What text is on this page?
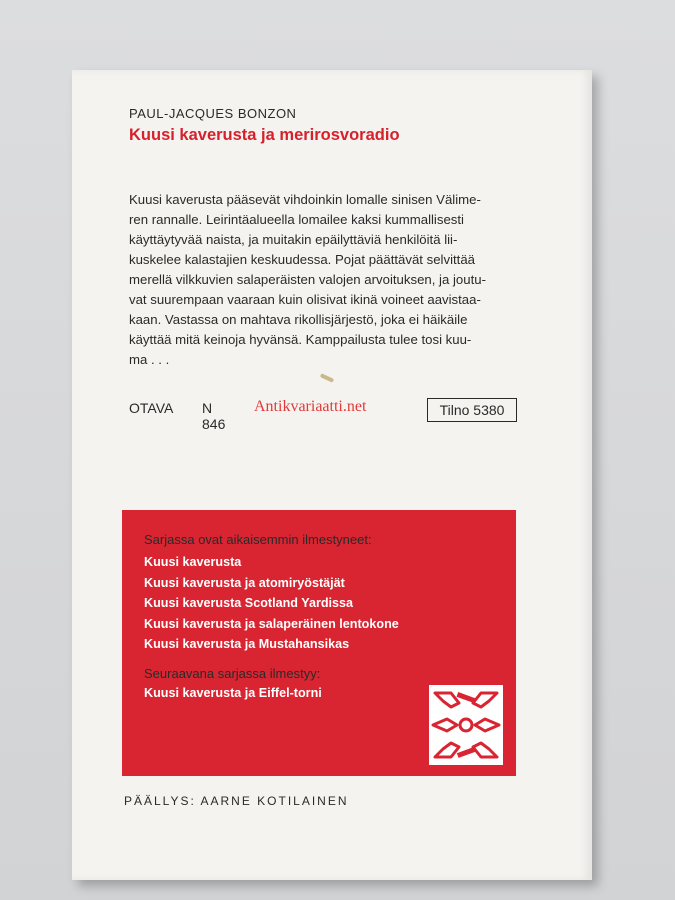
PAUL-JACQUES BONZON
Kuusi kaverusta ja merirosvoradio
Kuusi kaverusta pääsevät vihdoinkin lomalle sinisen Välime-
ren rannalle. Leirintäalueella lomailee kaksi kummallisesti
käyttäytyvää naista, ja muitakin epäilyttäviä henkilöitä lii-
kuskelee kalastajien keskuudessa. Pojat päättävät selvittää
merellä vilkkuvien salaperäisten valojen arvoituksen, ja joutu-
vat suurempaan vaaraan kuin olisivat ikinä voineet aavistaa-
kaan. Vastassa on mahtava rikollisjärjestö, joka ei häikäile
käyttää mitä keinoja hyvänsä. Kamppailusta tulee tosi kuu-
ma . . .
OTAVA N 846
Antikvariaatti.net	Tilno 5380
Sarjassa ovat aikaisemmin ilmestyneet:
Kuusi kaverusta
Kuusi kaverusta ja atomiryöstäjät
Kuusi kaverusta Scotland Yardissa
Kuusi kaverusta ja salaperäinen lentokone
Kuusi kaverusta ja Mustahansikas
Seuraavana sarjassa ilmestyy:
Kuusi kaverusta ja Eiffel-torni
PÄÄLLYS: AARNE KOTILAINEN
